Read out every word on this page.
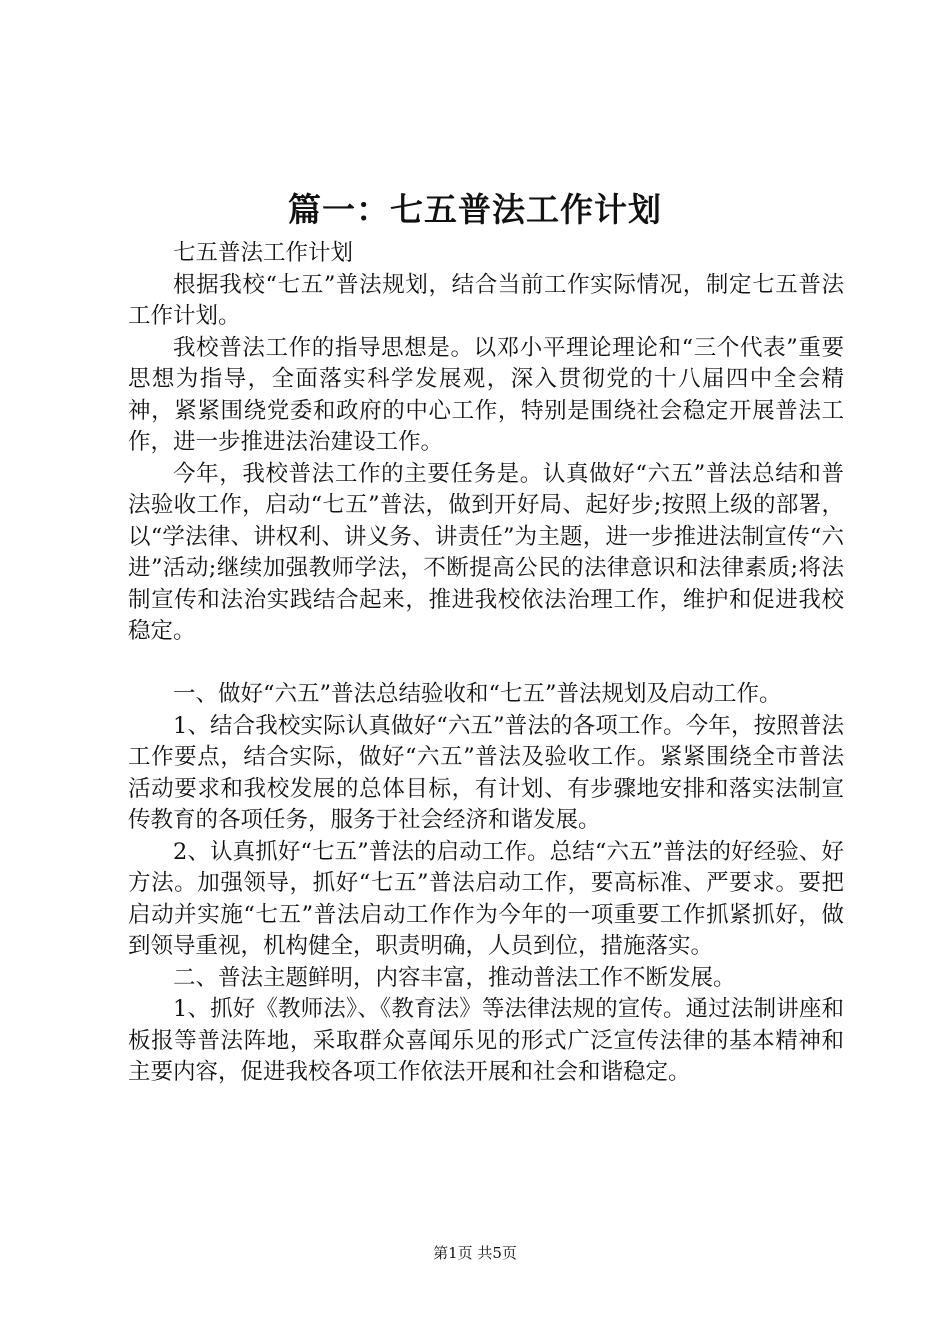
篇一：七五普法工作计划

七五普法工作计划

根据我校“七五”普法规划，结合当前工作实际情况，制定七五普法工作计划。

我校普法工作的指导思想是。以邓小平理论理论和“三个代表”重要思想为指导，全面落实科学发展观，深入贯彻党的十八届四中全会精神，紧紧围绕党委和政府的中心工作，特别是围绕社会稳定开展普法工作，进一步推进法治建设工作。

今年，我校普法工作的主要任务是。认真做好“六五”普法总结和普法验收工作，启动“七五”普法，做到开好局、起好步;按照上级的部署，以“学法律、讲权利、讲义务、讲责任”为主题，进一步推进法制宣传“六进”活动;继续加强教师学法，不断提高公民的法律意识和法律素质;将法制宣传和法治实践结合起来，推进我校依法治理工作，维护和促进我校稳定。

一、做好“六五”普法总结验收和“七五”普法规划及启动工作。

1、结合我校实际认真做好“六五”普法的各项工作。今年，按照普法工作要点，结合实际，做好“六五”普法及验收工作。紧紧围绕全市普法活动要求和我校发展的总体目标，有计划、有步骤地安排和落实法制宣传教育的各项任务，服务于社会经济和谐发展。

2、认真抓好“七五”普法的启动工作。总结“六五”普法的好经验、好方法。加强领导，抓好“七五”普法启动工作，要高标准、严要求。要把启动并实施“七五”普法启动工作作为今年的一项重要工作抓紧抓好，做到领导重视，机构健全，职责明确，人员到位，措施落实。

二、普法主题鲜明，内容丰富，推动普法工作不断发展。

1、抓好《教师法》、《教育法》等法律法规的宣传。通过法制讲座和板报等普法阵地，采取群众喜闻乐见的形式广泛宣传法律的基本精神和主要内容，促进我校各项工作依法开展和社会和谐稳定。

第1页 共5页
